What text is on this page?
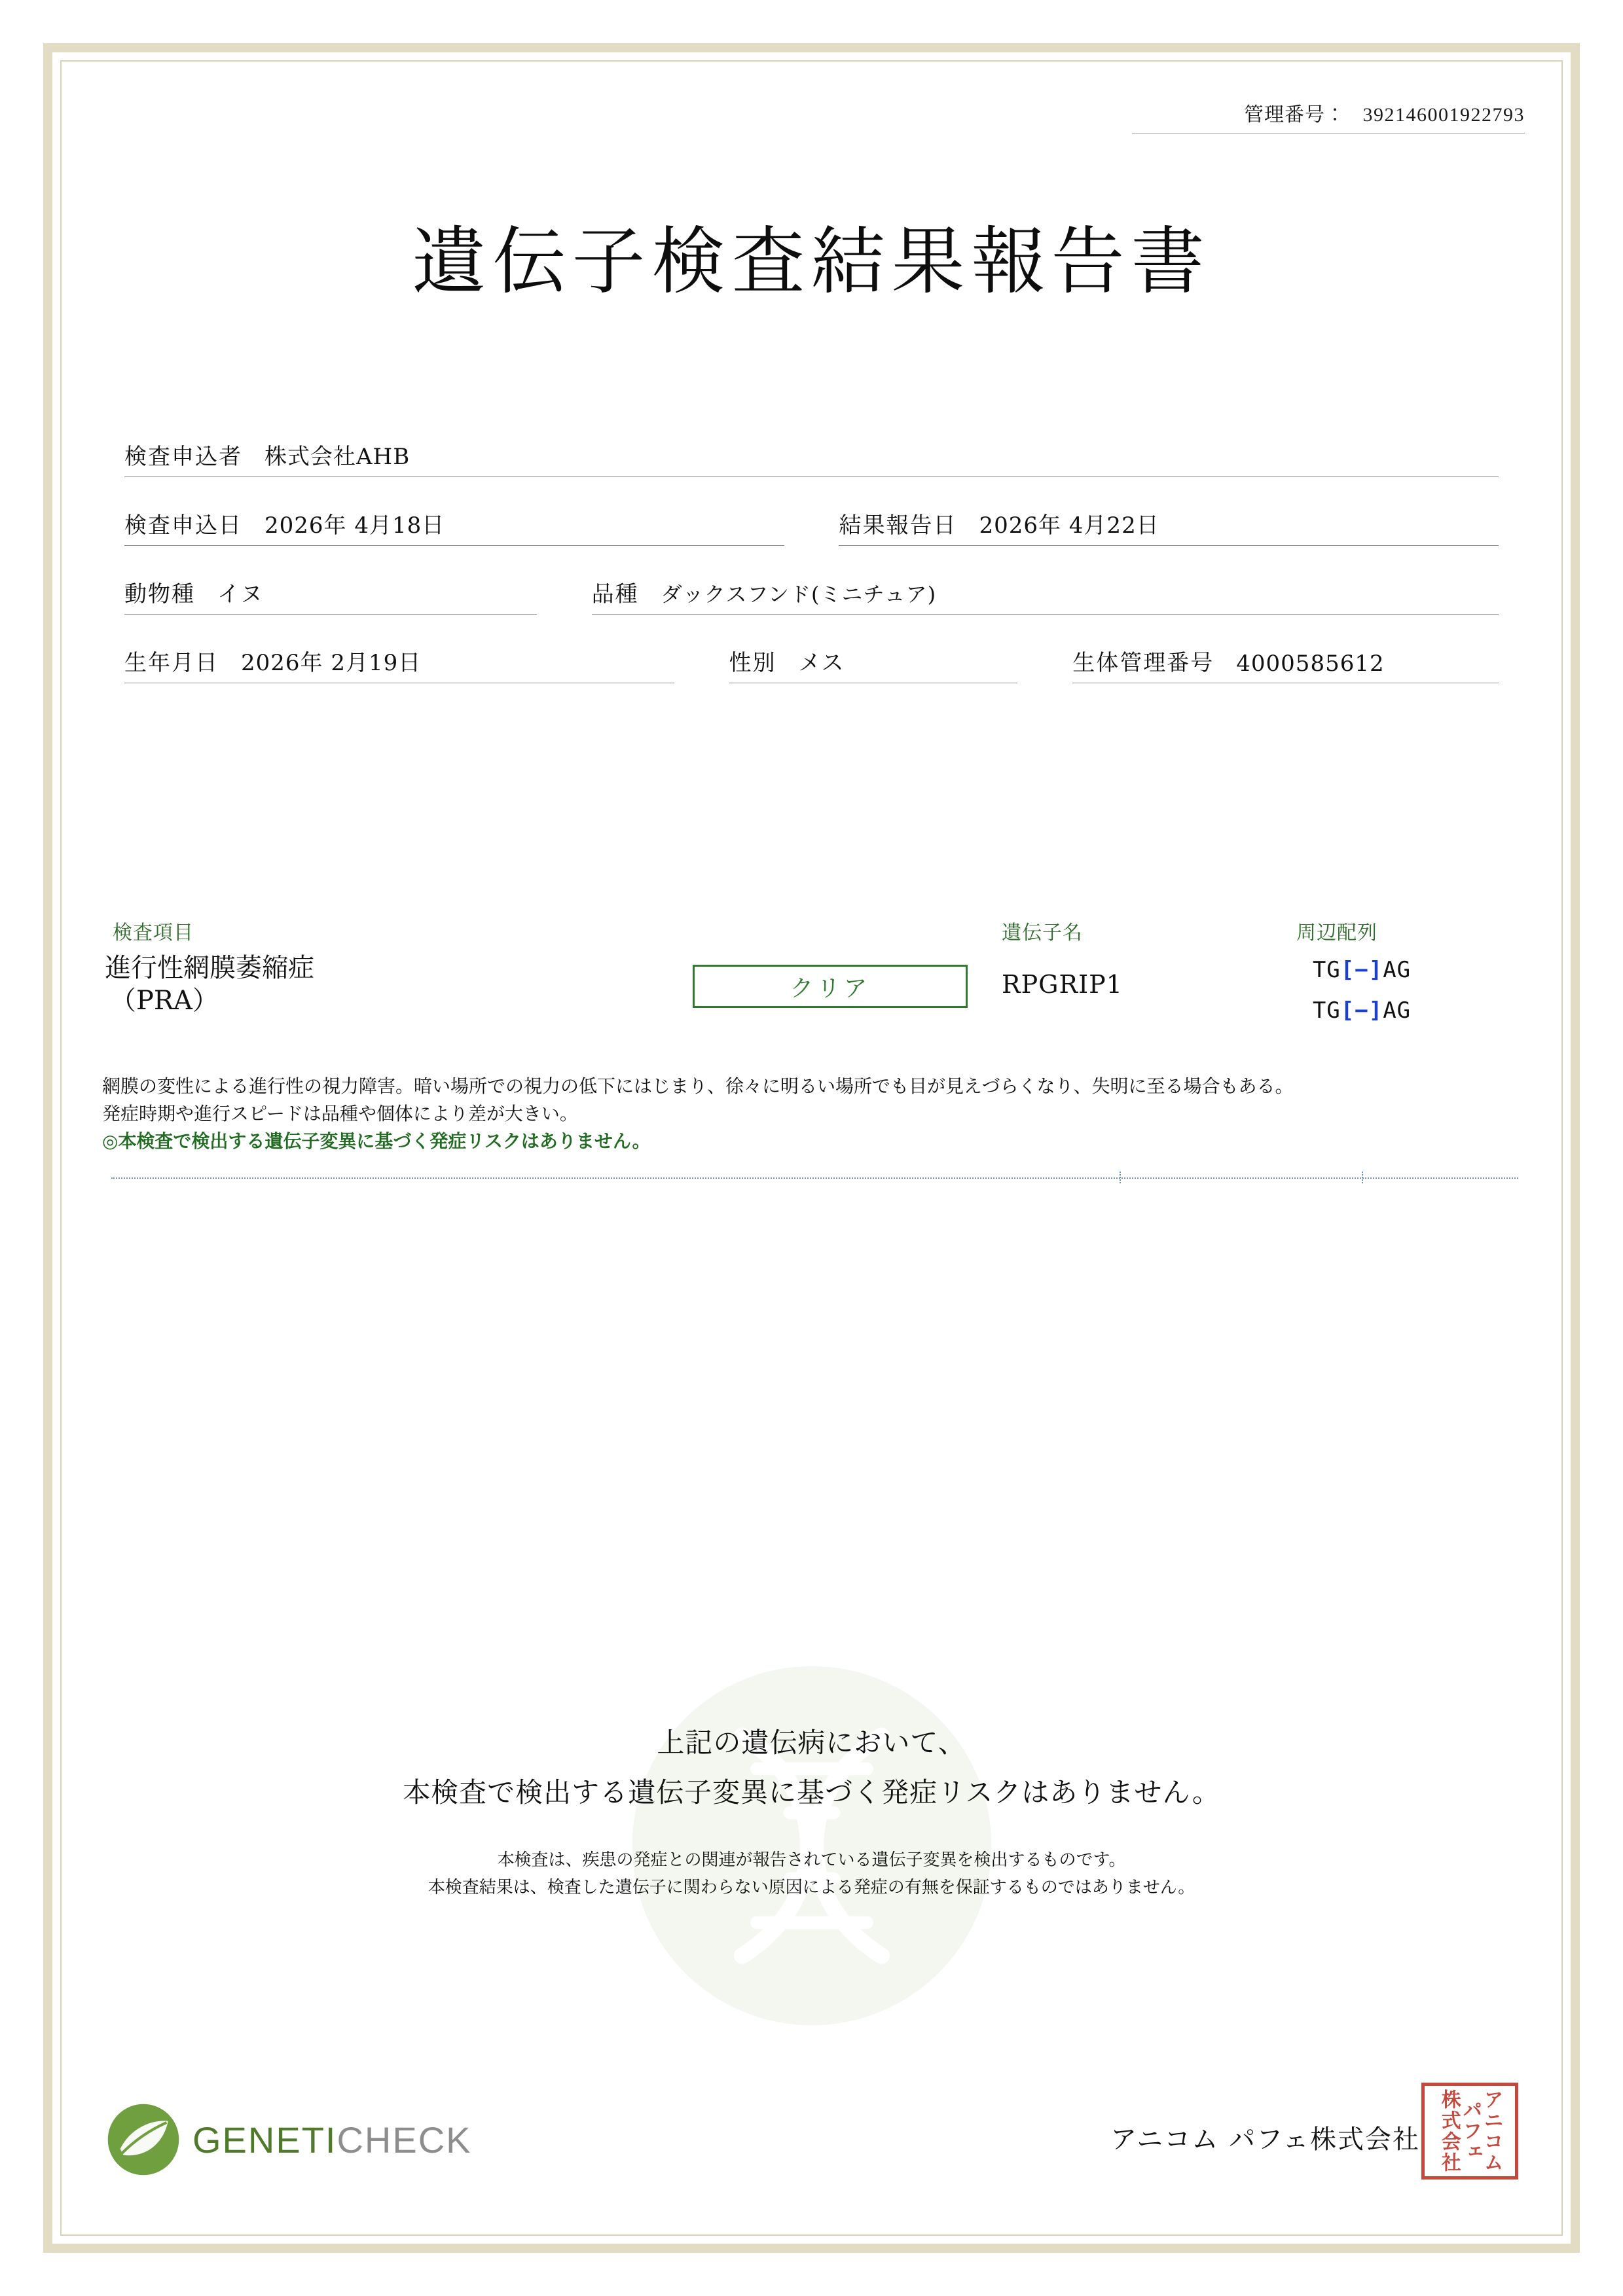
管理番号： 392146001922793
遺伝子検査結果報告書
検査申込者 株式会社AHB
検査申込日 2026年 4月18日	結果報告日 2026年 4月22日
動物種 イヌ	品種 ダックスフンド(ミニチュア)
生年月日 2026年 2月19日	性別 メス	生体管理番号 4000585612
検査項目	遺伝子名	周辺配列
進行性網膜萎縮症
（PRA）	クリア	RPGRIP1	TG[−]AG
TG[−]AG
網膜の変性による進行性の視力障害。暗い場所での視力の低下にはじまり、徐々に明るい場所でも目が見えづらくなり、失明に至る場合もある。
発症時期や進行スピードは品種や個体により差が大きい。
◎本検査で検出する遺伝子変異に基づく発症リスクはありません。
上記の遺伝病において、
本検査で検出する遺伝子変異に基づく発症リスクはありません。
本検査は、疾患の発症との関連が報告されている遺伝子変異を検出するものです。
本検査結果は、検査した遺伝子に関わらない原因による発症の有無を保証するものではありません。
GENETICHECK	アニコム パフェ株式会社	アニコム
パフェ
株式会社
